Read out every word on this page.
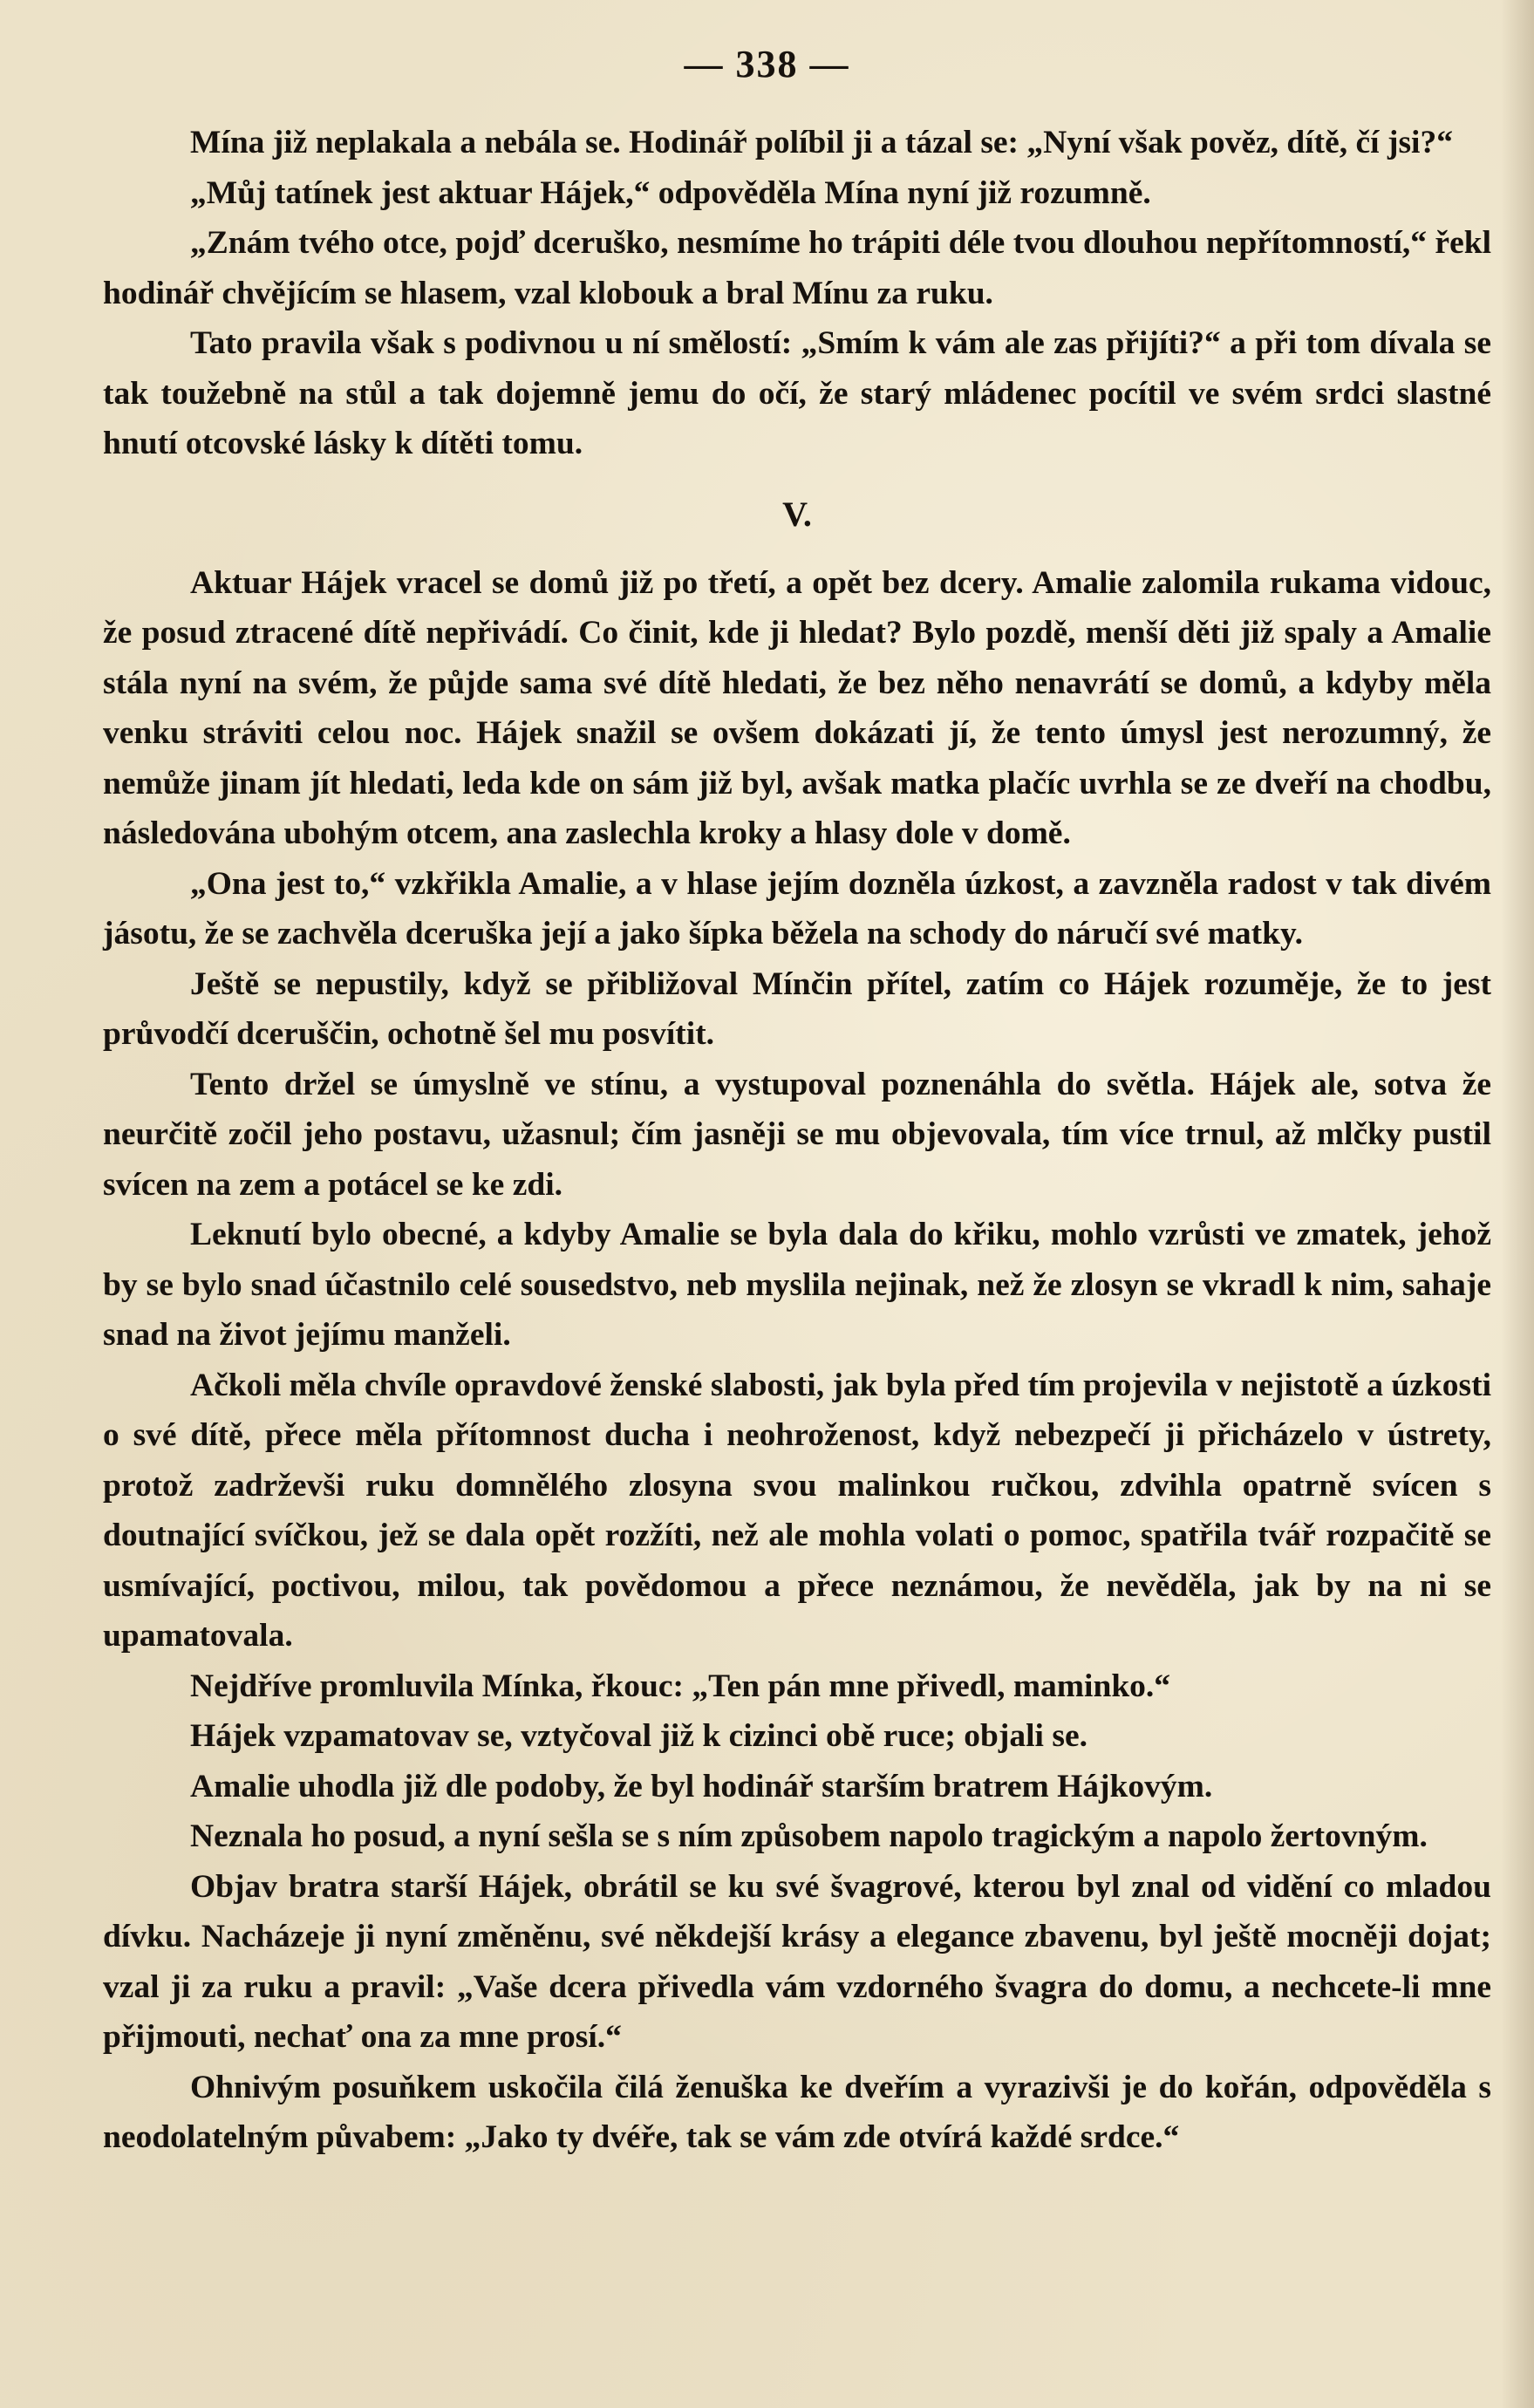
— 338 —

Mína již neplakala a nebála se. Hodinář políbil ji a tázal se: „Nyní však pověz, dítě, čí jsi?“

„Můj tatínek jest aktuar Hájek,“ odpověděla Mína nyní již rozumně.

„Znám tvého otce, pojď dceruško, nesmíme ho trápiti déle tvou dlouhou nepřítomností,“ řekl hodinář chvějícím se hlasem, vzal klobouk a bral Mínu za ruku.

Tato pravila však s podivnou u ní smělostí: „Smím k vám ale zas přijíti?“ a při tom dívala se tak toužebně na stůl a tak dojemně jemu do očí, že starý mládenec pocítil ve svém srdci slastné hnutí otcovské lásky k dítěti tomu.

V.

Aktuar Hájek vracel se domů již po třetí, a opět bez dcery. Amalie zalomila rukama vidouc, že posud ztracené dítě nepřivádí. Co činit, kde ji hledat? Bylo pozdě, menší děti již spaly a Amalie stála nyní na svém, že půjde sama své dítě hledati, že bez něho nenavrátí se domů, a kdyby měla venku stráviti celou noc. Hájek snažil se ovšem dokázati jí, že tento úmysl jest nerozumný, že nemůže jinam jít hledati, leda kde on sám již byl, avšak matka plačíc uvrhla se ze dveří na chodbu, následována ubohým otcem, ana zaslechla kroky a hlasy dole v domě.

„Ona jest to,“ vzkřikla Amalie, a v hlase jejím dozněla úzkost, a zavzněla radost v tak divém jásotu, že se zachvěla dceruška její a jako šípka běžela na schody do náručí své matky.

Ještě se nepustily, když se přibližoval Mínčin přítel, zatím co Hájek rozuměje, že to jest průvodčí dceruščin, ochotně šel mu posvítit.

Tento držel se úmyslně ve stínu, a vystupoval poznenáhla do světla. Hájek ale, sotva že neurčitě zočil jeho postavu, užasnul; čím jasněji se mu objevovala, tím více trnul, až mlčky pustil svícen na zem a potácel se ke zdi.

Leknutí bylo obecné, a kdyby Amalie se byla dala do křiku, mohlo vzrůsti ve zmatek, jehož by se bylo snad účastnilo celé sousedstvo, neb myslila nejinak, než že zlosyn se vkradl k nim, sahaje snad na život jejímu manželi.

Ačkoli měla chvíle opravdové ženské slabosti, jak byla před tím projevila v nejistotě a úzkosti o své dítě, přece měla přítomnost ducha i neohroženost, když nebezpečí ji přicházelo v ústrety, protož zadrževši ruku domnělého zlosyna svou malinkou ručkou, zdvihla opatrně svícen s doutnající svíčkou, jež se dala opět rozžíti, než ale mohla volati o pomoc, spatřila tvář rozpačitě se usmívající, poctivou, milou, tak povědomou a přece neznámou, že nevěděla, jak by na ni se upamatovala.

Nejdříve promluvila Mínka, řkouc: „Ten pán mne přivedl, maminko.“

Hájek vzpamatovav se, vztyčoval již k cizinci obě ruce; objali se.

Amalie uhodla již dle podoby, že byl hodinář starším bratrem Hájkovým.

Neznala ho posud, a nyní sešla se s ním způsobem napolo tragickým a napolo žertovným.

Objav bratra starší Hájek, obrátil se ku své švagrové, kterou byl znal od vidění co mladou dívku. Nacházeje ji nyní změněnu, své někdejší krásy a elegance zbavenu, byl ještě mocněji dojat; vzal ji za ruku a pravil: „Vaše dcera přivedla vám vzdorného švagra do domu, a nechcete-li mne přijmouti, nechať ona za mne prosí.“

Ohnivým posuňkem uskočila čilá ženuška ke dveřím a vyrazivši je do kořán, odpověděla s neodolatelným půvabem: „Jako ty dvéře, tak se vám zde otvírá každé srdce.“
